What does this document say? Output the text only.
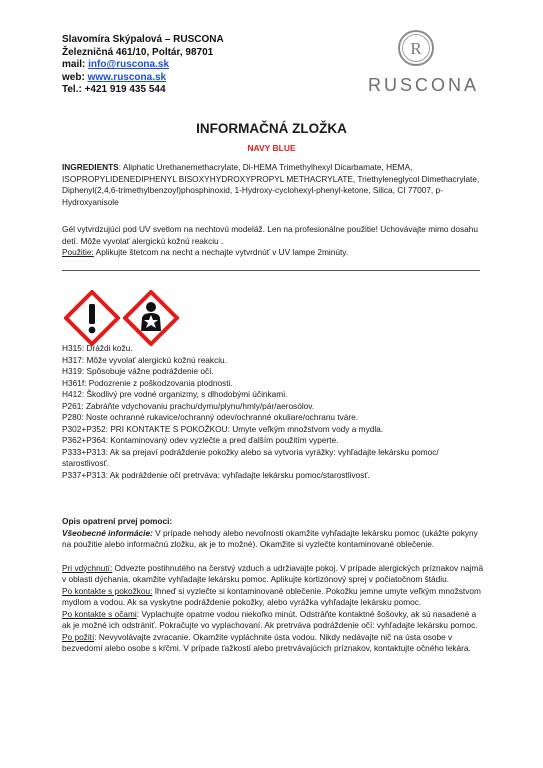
Slavomíra Skýpalová – RUSCONA
Železničná 461/10, Poltár, 98701
mail: info@ruscona.sk
web: www.ruscona.sk
Tel.: +421 919 435 544
R
RUSCONA
INFORMAČNÁ ZLOŽKA
NAVY BLUE
INGREDIENTS: Aliphatic Urethanemethacrylate, Di-HEMA Trimethylhexyl Dicarbamate, HEMA, ISOPROPYLIDENEDIPHENYL BISOXYHYDROXYPROPYL METHACRYLATE, Triethyleneglycol Dimethacrylate, Diphenyl(2,4,6-trimethylbenzoyl)phosphinoxid, 1-Hydroxy-cyclohexyl-phenyl-ketone, Silica, CI 77007, p-Hydroxyanisole
Gél vytvrdzujúci pod UV svetlom na nechtovú modeláž. Len na profesionálne použitie! Uchovávajte mimo dosahu detí. Môže vyvolať alergickú kožnú reakciu .
Použitie: Aplikujte štetcom na necht a nechajte vytvrdnúť v UV lampe 2minúty.
H315: Dráždi kožu.
H317: Môže vyvolať alergickú kožnú reakciu.
H319: Spôsobuje vážne podráždenie očí.
H361f: Podozrenie z poškodzovania plodnosti.
H412: Škodlivý pre vodné organizmy, s dlhodobými účinkami.
P261: Zabráňte vdychovaniu prachu/dymu/plynu/hmly/pár/aerosólov.
P280: Noste ochranné rukavice/ochranný odev/ochranné okuliare/ochranu tváre.
P302+P352: PRI KONTAKTE S POKOŽKOU: Umyte veľkým množstvom vody a mydla.
P362+P364: Kontaminovaný odev vyzlečte a pred ďalším použitím vyperte.
P333+P313: Ak sa prejaví podráždenie pokožky alebo sa vytvoria vyrážky: vyhľadajte lekársku pomoc/ starostlivosť.
P337+P313: Ak podráždenie očí pretrváva: vyhľadajte lekársku pomoc/starostlivosť.
Opis opatrení prvej pomoci:
Všeobecné informácie: V prípade nehody alebo nevoľnosti okamžite vyhľadajte lekársku pomoc (ukážte pokyny na použitie alebo informačnú zložku, ak je to možné). Okamžite si vyzlečte kontaminované oblečenie.
Pri vdýchnutí: Odvezte postihnutého na čerstvý vzduch a udržiavajte pokoj. V prípade alergických príznakov najmä v oblasti dýchania, okamžite vyhľadajte lekársku pomoc. Aplikujte kortizónový sprej v počiatočnom štádiu.
Po kontakte s pokožkou: Ihneď si vyzlečte si kontaminované oblečenie. Pokožku jemne umyte veľkým množstvom mydlom a vodou. Ak sa vyskytne podráždenie pokožky, alebo vyrážka vyhľadajte lekársku pomoc.
Po kontakte s očami: Vyplachujte opatrne vodou niekoľko minút. Odstráňte kontaktné šošovky, ak sú nasadené a ak je možné ich odstrániť. Pokračujte vo vyplachovaní. Ak pretrváva podráždenie očí: vyhľadajte lekársku pomoc.
Po požití: Nevyvolávajte zvracanie. Okamžite vypláchnite ústa vodou. Nikdy nedávajte nič na ústa osobe v bezvedomí alebo osobe s kŕčmi. V prípade ťažkostí alebo pretrvávajúcich príznakov, kontaktujte očného lekára.
